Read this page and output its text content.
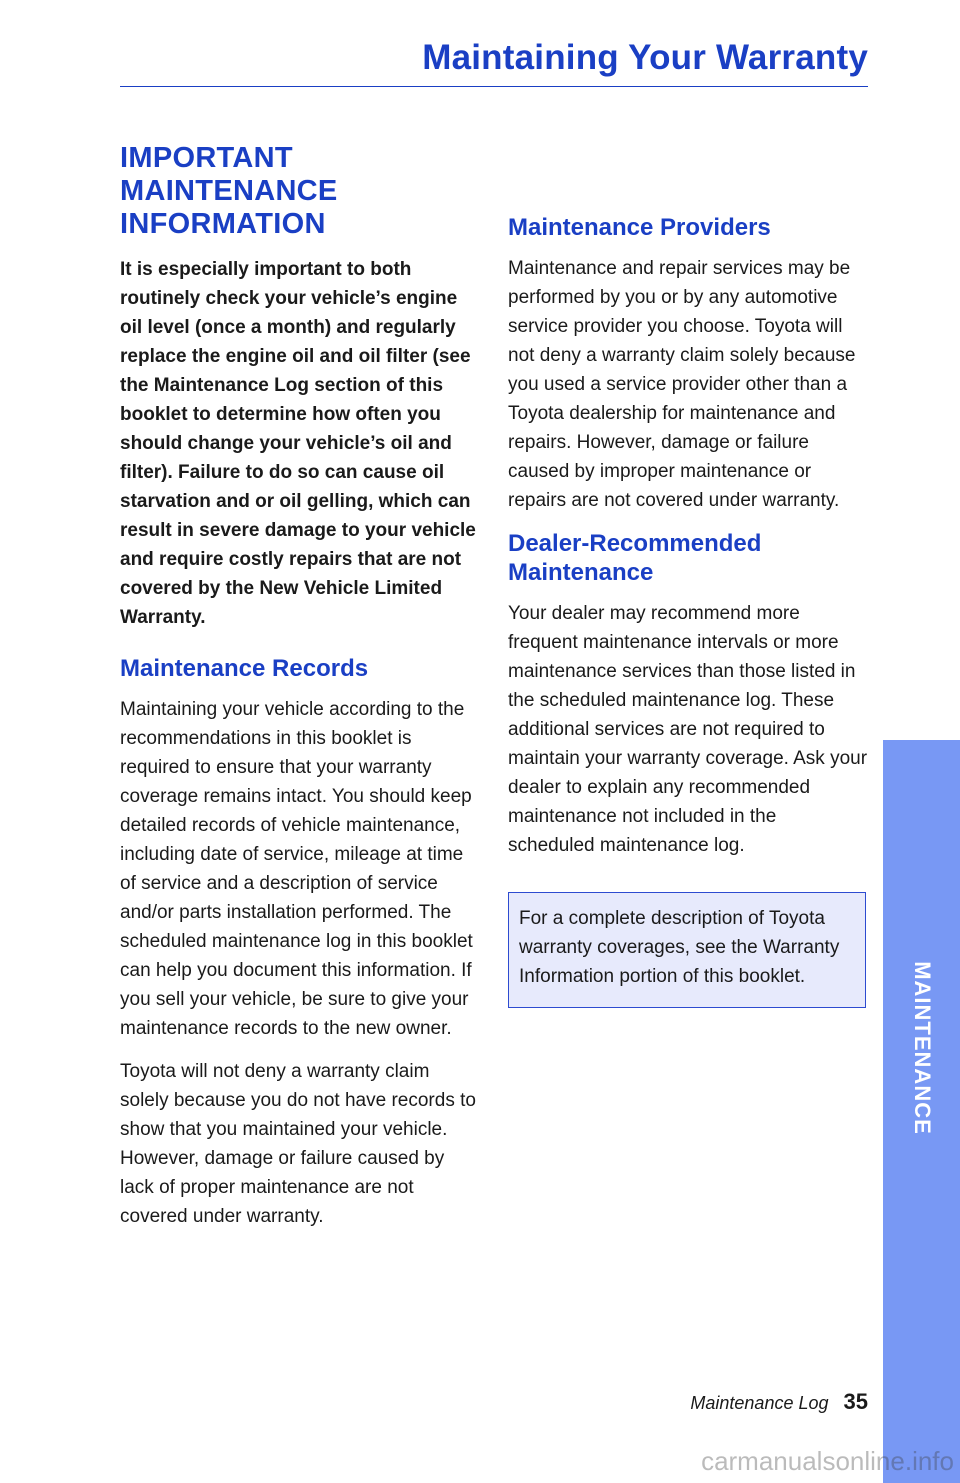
Maintaining Your Warranty
IMPORTANT MAINTENANCE INFORMATION

It is especially important to both routinely check your vehicle’s engine oil level (once a month) and regularly replace the engine oil and oil filter (see the Maintenance Log section of this booklet to determine how often you should change your vehicle’s oil and filter). Failure to do so can cause oil starvation and or oil gelling, which can result in severe damage to your vehicle and require costly repairs that are not covered by the New Vehicle Limited Warranty.

Maintenance Records

Maintaining your vehicle according to the recommendations in this booklet is required to ensure that your warranty coverage remains intact. You should keep detailed records of vehicle maintenance, including date of service, mileage at time of service and a description of service and/or parts installation performed. The scheduled maintenance log in this booklet can help you document this information. If you sell your vehicle, be sure to give your maintenance records to the new owner.

Toyota will not deny a warranty claim solely because you do not have records to show that you maintained your vehicle. However, damage or failure caused by lack of proper maintenance are not covered under warranty.

Maintenance Providers

Maintenance and repair services may be performed by you or by any automotive service provider you choose. Toyota will not deny a warranty claim solely because you used a service provider other than a Toyota dealership for maintenance and repairs. However, damage or failure caused by improper maintenance or repairs are not covered under warranty.

Dealer-Recommended Maintenance

Your dealer may recommend more frequent maintenance intervals or more maintenance services than those listed in the scheduled maintenance log. These additional services are not required to maintain your warranty coverage. Ask your dealer to explain any recommended maintenance not included in the scheduled maintenance log.

For a complete description of Toyota warranty coverages, see the Warranty Information portion of this booklet.	MAINTENANCE
Maintenance Log 35
carmanualsonline.info
